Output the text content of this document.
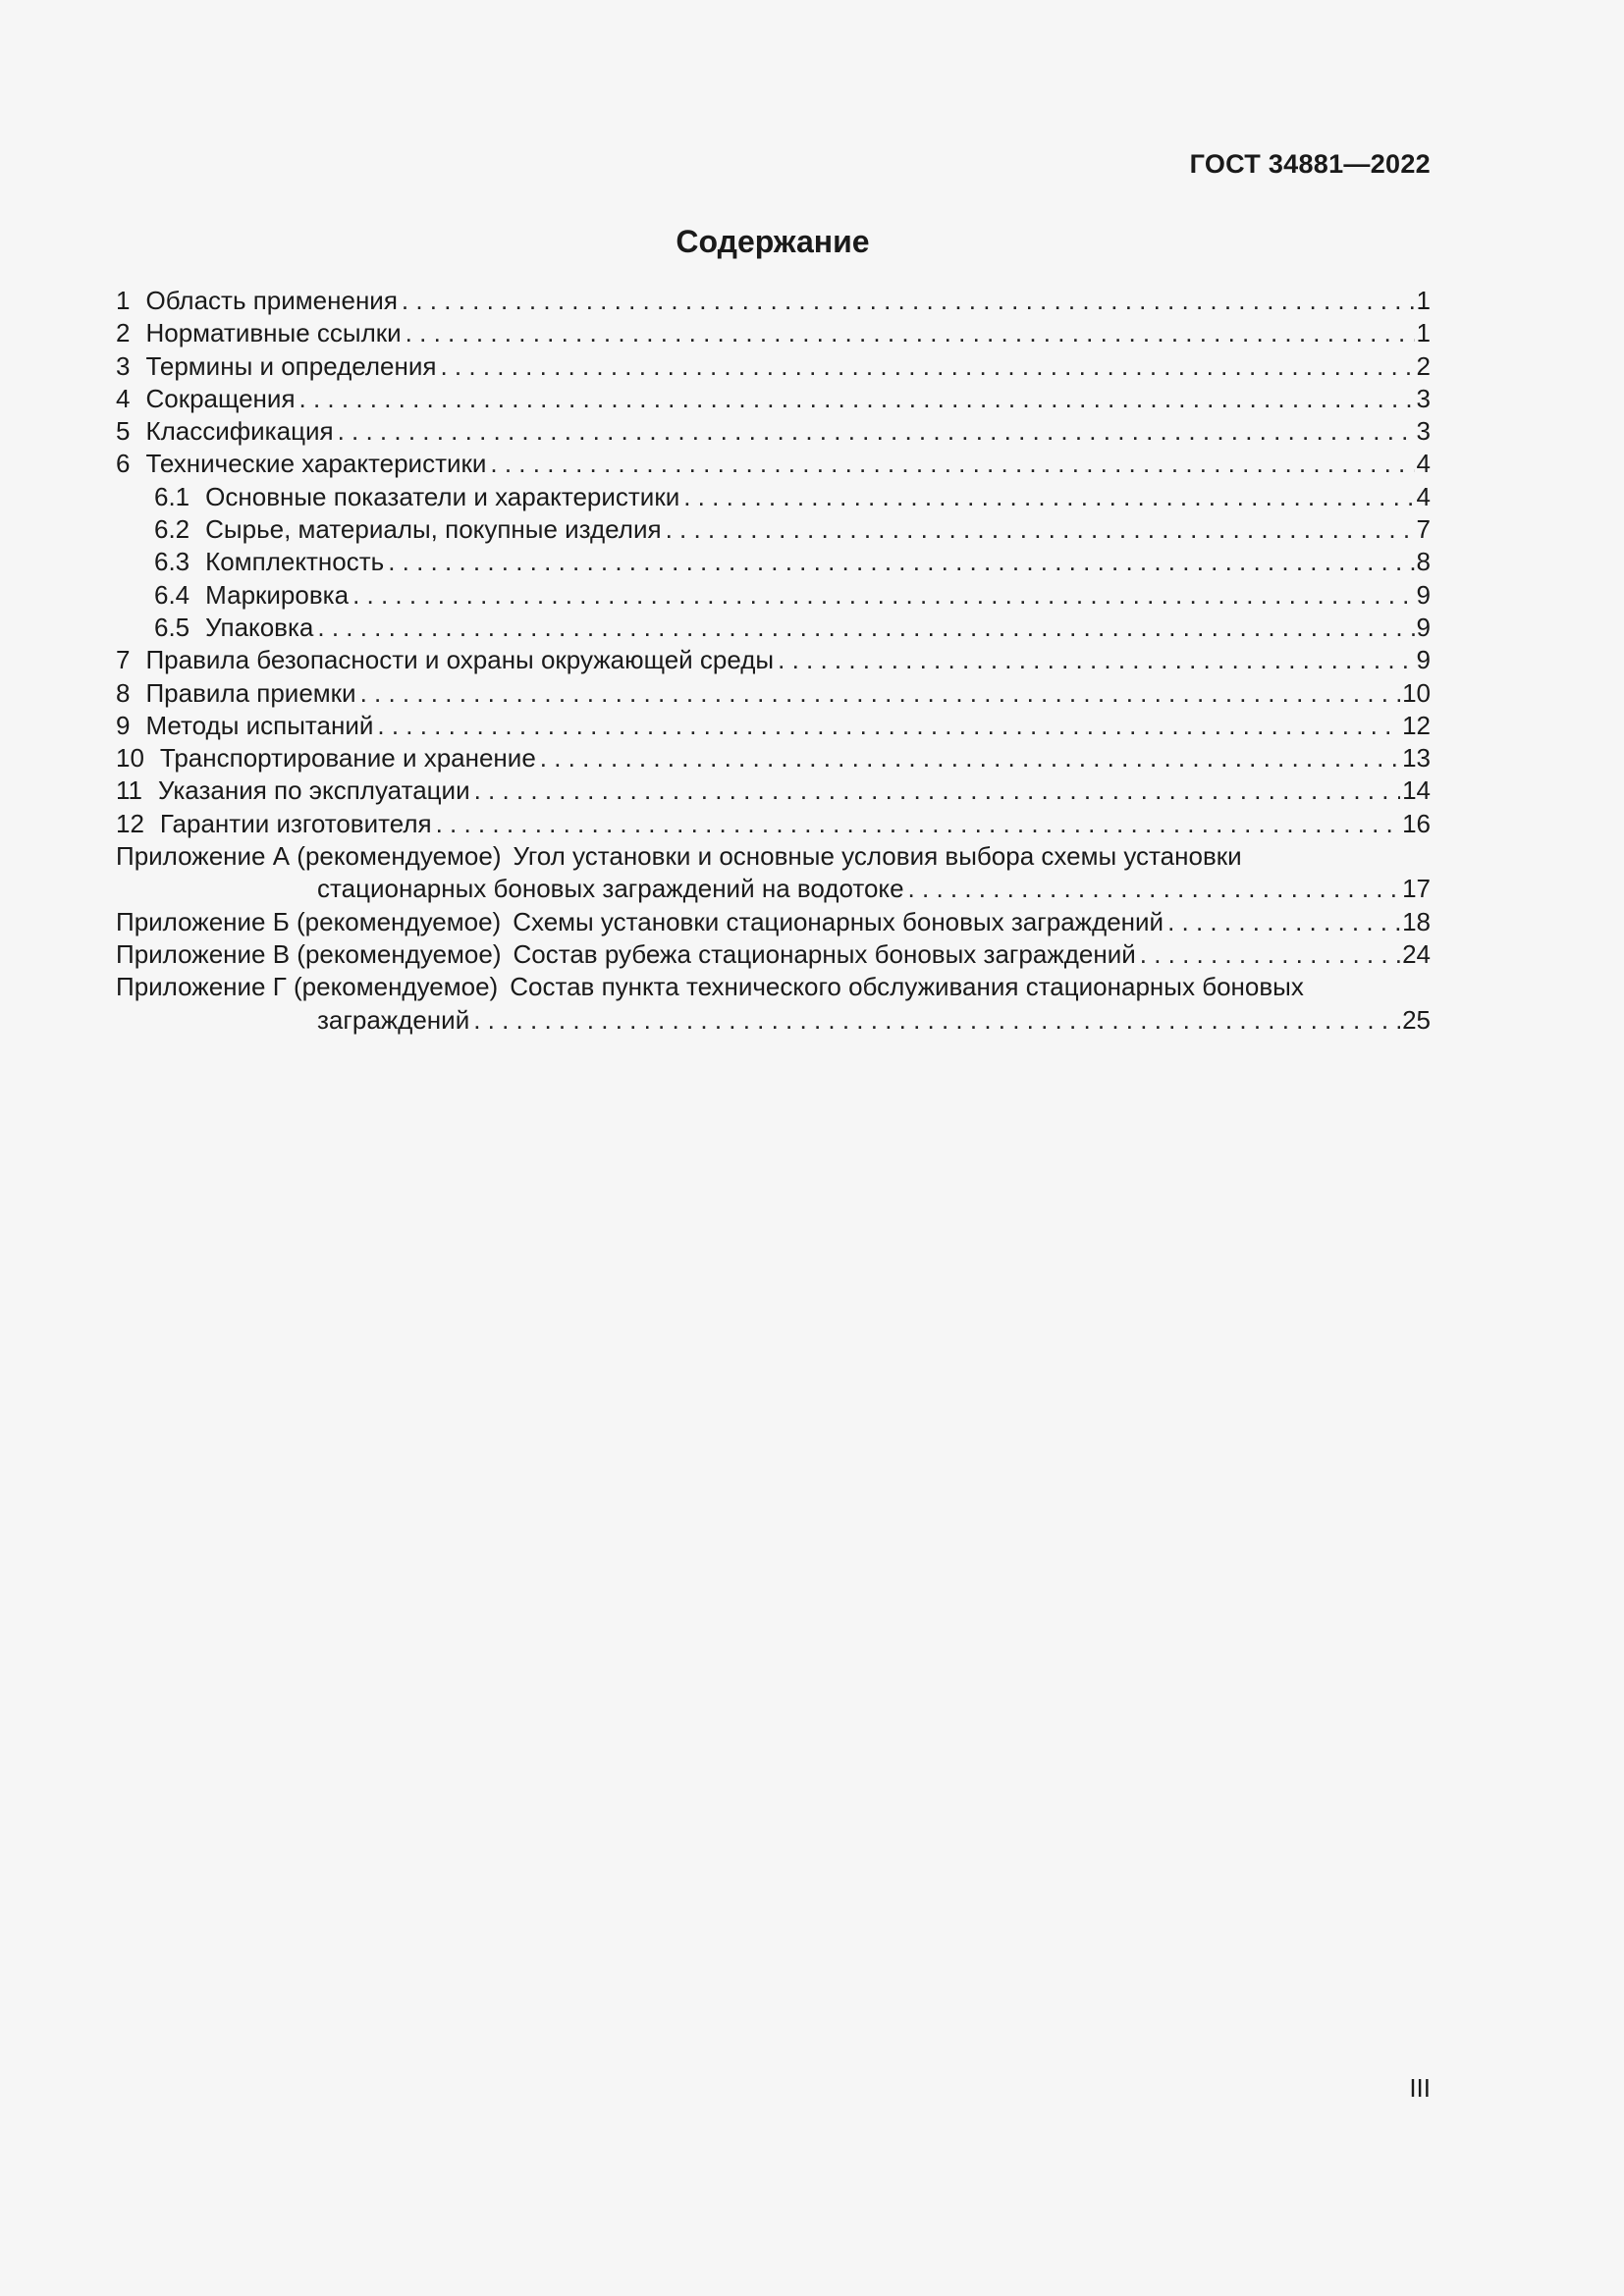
ГОСТ 34881—2022
Содержание
1 Область применения . . .	1
2 Нормативные ссылки . . .	1
3 Термины и определения . . .	2
4 Сокращения . . .	3
5 Классификация . . .	3
6 Технические характеристики . . .	4
6.1 Основные показатели и характеристики . . .	4
6.2 Сырье, материалы, покупные изделия . . .	7
6.3 Комплектность . . .	8
6.4 Маркировка . . .	9
6.5 Упаковка . . .	9
7 Правила безопасности и охраны окружающей среды . . .	9
8 Правила приемки . . .	10
9 Методы испытаний . . .	12
10 Транспортирование и хранение . . .	13
11 Указания по эксплуатации . . .	14
12 Гарантии изготовителя . . .	16
Приложение А (рекомендуемое) Угол установки и основные условия выбора схемы установки
стационарных боновых заграждений на водотоке . . .	17
Приложение Б (рекомендуемое) Схемы установки стационарных боновых заграждений . . .	18
Приложение В (рекомендуемое) Состав рубежа стационарных боновых заграждений . . .	24
Приложение Г (рекомендуемое) Состав пункта технического обслуживания стационарных боновых
заграждений . . .	25
III
